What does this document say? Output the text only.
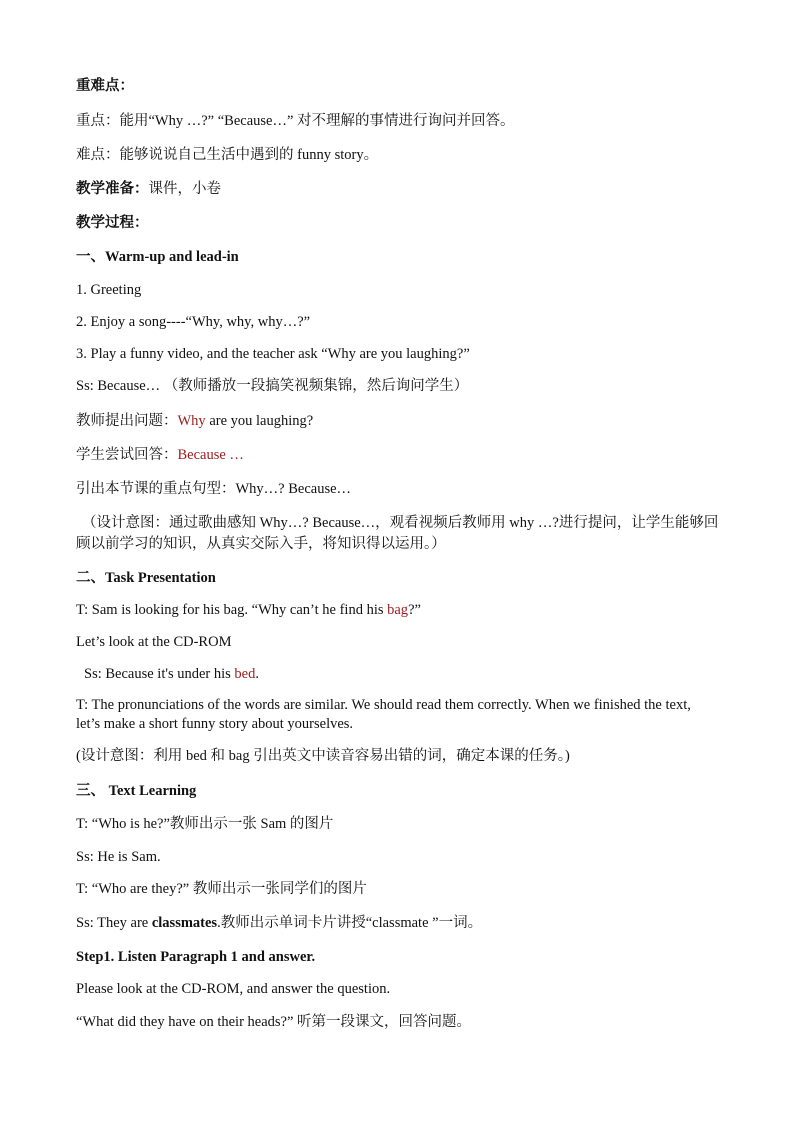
重难点：
重点：能用“Why …?” “Because…” 对不理解的事情进行询问并回答。
难点：能够说说自己生活中遇到的 funny story。
教学准备：课件，小卷
教学过程：
一、Warm-up and lead-in
1. Greeting
2. Enjoy a song----“Why, why, why…?”
3. Play a funny video, and the teacher ask “Why are you laughing?”
Ss: Because… （教师播放一段搞笑视频集锦，然后询问学生）
教师提出问题：Why are you laughing?
学生尝试回答：Because …
引出本节课的重点句型：Why…? Because…
（设计意图：通过歌曲感知 Why…? Because…，观看视频后教师用 why …?进行提问，让学生能够回顾以前学习的知识，从真实交际入手，将知识得以运用。）
二、Task Presentation
T: Sam is looking for his bag. “Why can’t he find his bag?”
Let’s look at the CD-ROM
Ss: Because it's under his bed.
T: The pronunciations of the words are similar. We should read them correctly. When we finished the text, let’s make a short funny story about yourselves.
(设计意图：利用 bed 和 bag 引出英文中读音容易出错的词，确定本课的任务。)
三、 Text Learning
T: “Who is he?”教师出示一张 Sam 的图片
Ss: He is Sam.
T: “Who are they?” 教师出示一张同学们的图片
Ss: They are classmates.教师出示单词卡片讲授“classmate ”一词。
Step1. Listen Paragraph 1 and answer.
Please look at the CD-ROM, and answer the question.
“What did they have on their heads?” 听第一段课文，回答问题。
